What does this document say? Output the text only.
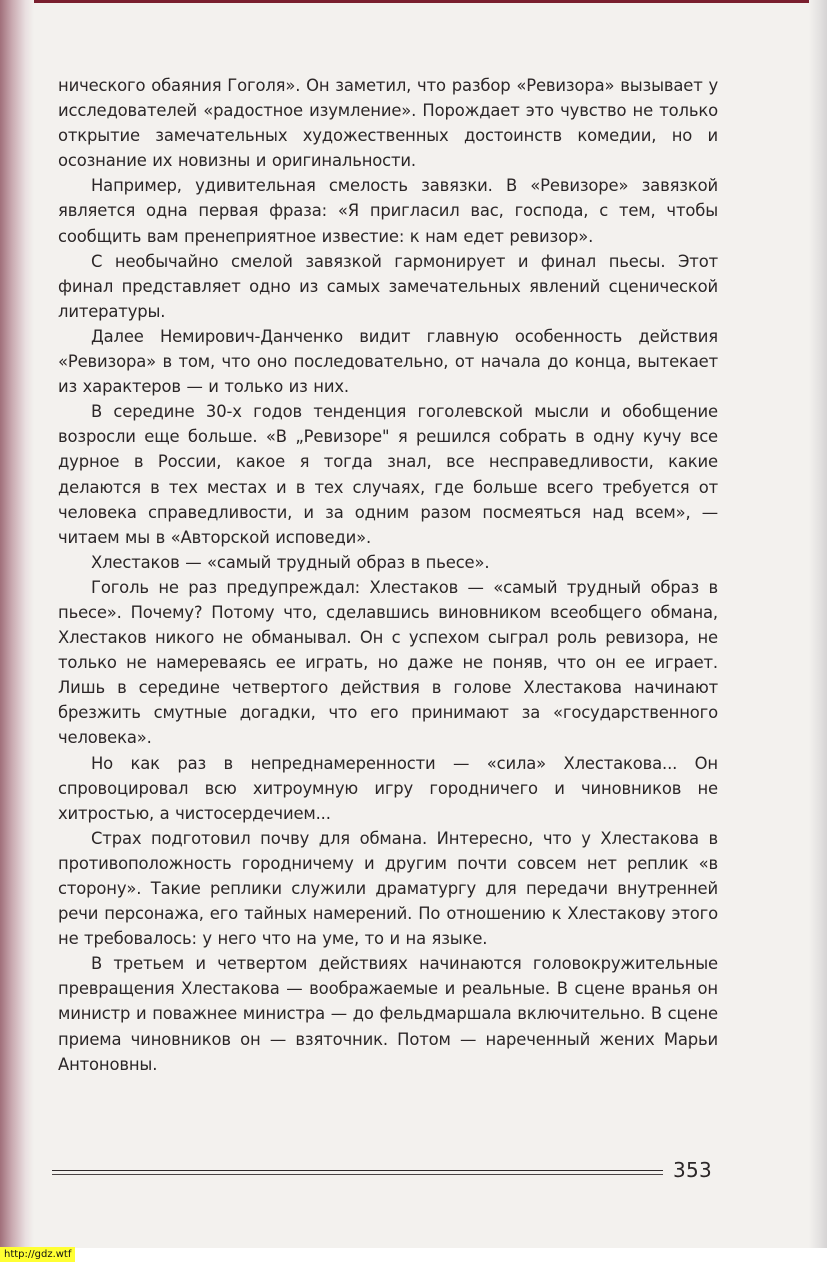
нического обаяния Гоголя». Он заметил, что разбор «Ревизора» вызывает у исследователей «радостное изумление». Порождает это чувство не только открытие замечательных художественных достоинств комедии, но и осознание их новизны и оригинальности.

Например, удивительная смелость завязки. В «Ревизоре» завязкой является одна первая фраза: «Я пригласил вас, господа, с тем, чтобы сообщить вам пренеприятное известие: к нам едет ревизор».

С необычайно смелой завязкой гармонирует и финал пьесы. Этот финал представляет одно из самых замечательных явлений сценической литературы.

Далее Немирович-Данченко видит главную особенность действия «Ревизора» в том, что оно последовательно, от начала до конца, вытекает из характеров — и только из них.

В середине 30-х годов тенденция гоголевской мысли и обобщение возросли еще больше. «В „Ревизоре" я решился собрать в одну кучу все дурное в России, какое я тогда знал, все несправедливости, какие делаются в тех местах и в тех случаях, где больше всего требуется от человека справедливости, и за одним разом посмеяться над всем», — читаем мы в «Авторской исповеди».

Хлестаков — «самый трудный образ в пьесе».

Гоголь не раз предупреждал: Хлестаков — «самый трудный образ в пьесе». Почему? Потому что, сделавшись виновником всеобщего обмана, Хлестаков никого не обманывал. Он с успехом сыграл роль ревизора, не только не намереваясь ее играть, но даже не поняв, что он ее играет. Лишь в середине четвертого действия в голове Хлестакова начинают брезжить смутные догадки, что его принимают за «государственного человека».

Но как раз в непреднамеренности — «сила» Хлестакова... Он спровоцировал всю хитроумную игру городничего и чиновников не хитростью, а чистосердечием...

Страх подготовил почву для обмана. Интересно, что у Хлестакова в противоположность городничему и другим почти совсем нет реплик «в сторону». Такие реплики служили драматургу для передачи внутренней речи персонажа, его тайных намерений. По отношению к Хлестакову этого не требовалось: у него что на уме, то и на языке.

В третьем и четвертом действиях начинаются головокружительные превращения Хлестакова — воображаемые и реальные. В сцене вранья он министр и поважнее министра — до фельдмаршала включительно. В сцене приема чиновников он — взяточник. Потом — нареченный жених Марьи Антоновны.

353
http://gdz.wtf
